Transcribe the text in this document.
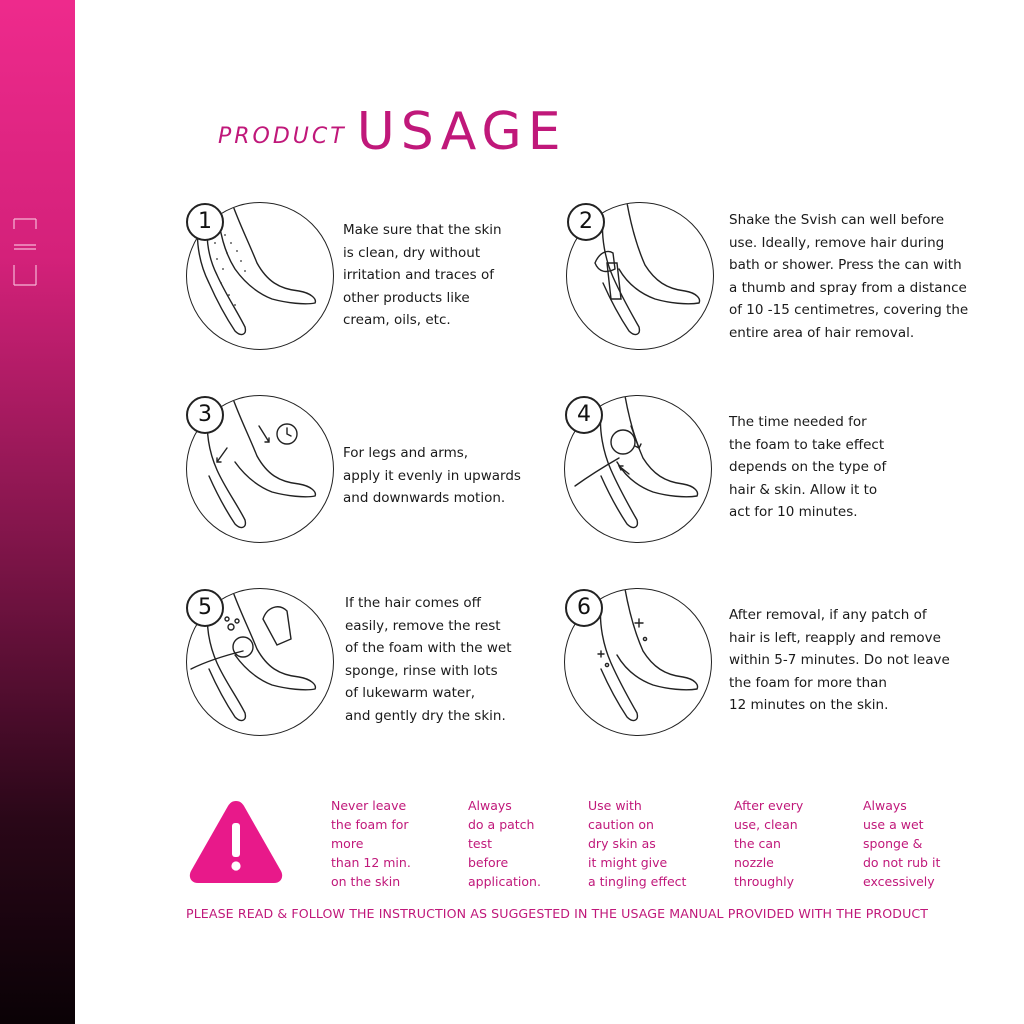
PRODUCT USAGE
1	Make sure that the skin
is clean, dry without
irritation and traces of
other products like
cream, oils, etc.
2	Shake the Svish can well before
use. Ideally, remove hair during
bath or shower. Press the can with
a thumb and spray from a distance
of 10 -15 centimetres, covering the
entire area of hair removal.
3
For legs and arms,
apply it evenly in upwards
and downwards motion.
4	The time needed for
the foam to take effect
depends on the type of
hair & skin. Allow it to
act for 10 minutes.
5	If the hair comes off
easily, remove the rest
of the foam with the wet
sponge, rinse with lots
of lukewarm water,
and gently dry the skin.
6	After removal, if any patch of
hair is left, reapply and remove
within 5-7 minutes. Do not leave
the foam for more than
12 minutes on the skin.
Never leave
the foam for
more
than 12 min.
on the skin
Always
do a patch
test
before
application.
Use with
caution on
dry skin as
it might give
a tingling effect
After every
use, clean
the can
nozzle
throughly
Always
use a wet
sponge &
do not rub it
excessively
PLEASE READ & FOLLOW THE INSTRUCTION AS SUGGESTED IN THE USAGE MANUAL PROVIDED WITH THE PRODUCT
